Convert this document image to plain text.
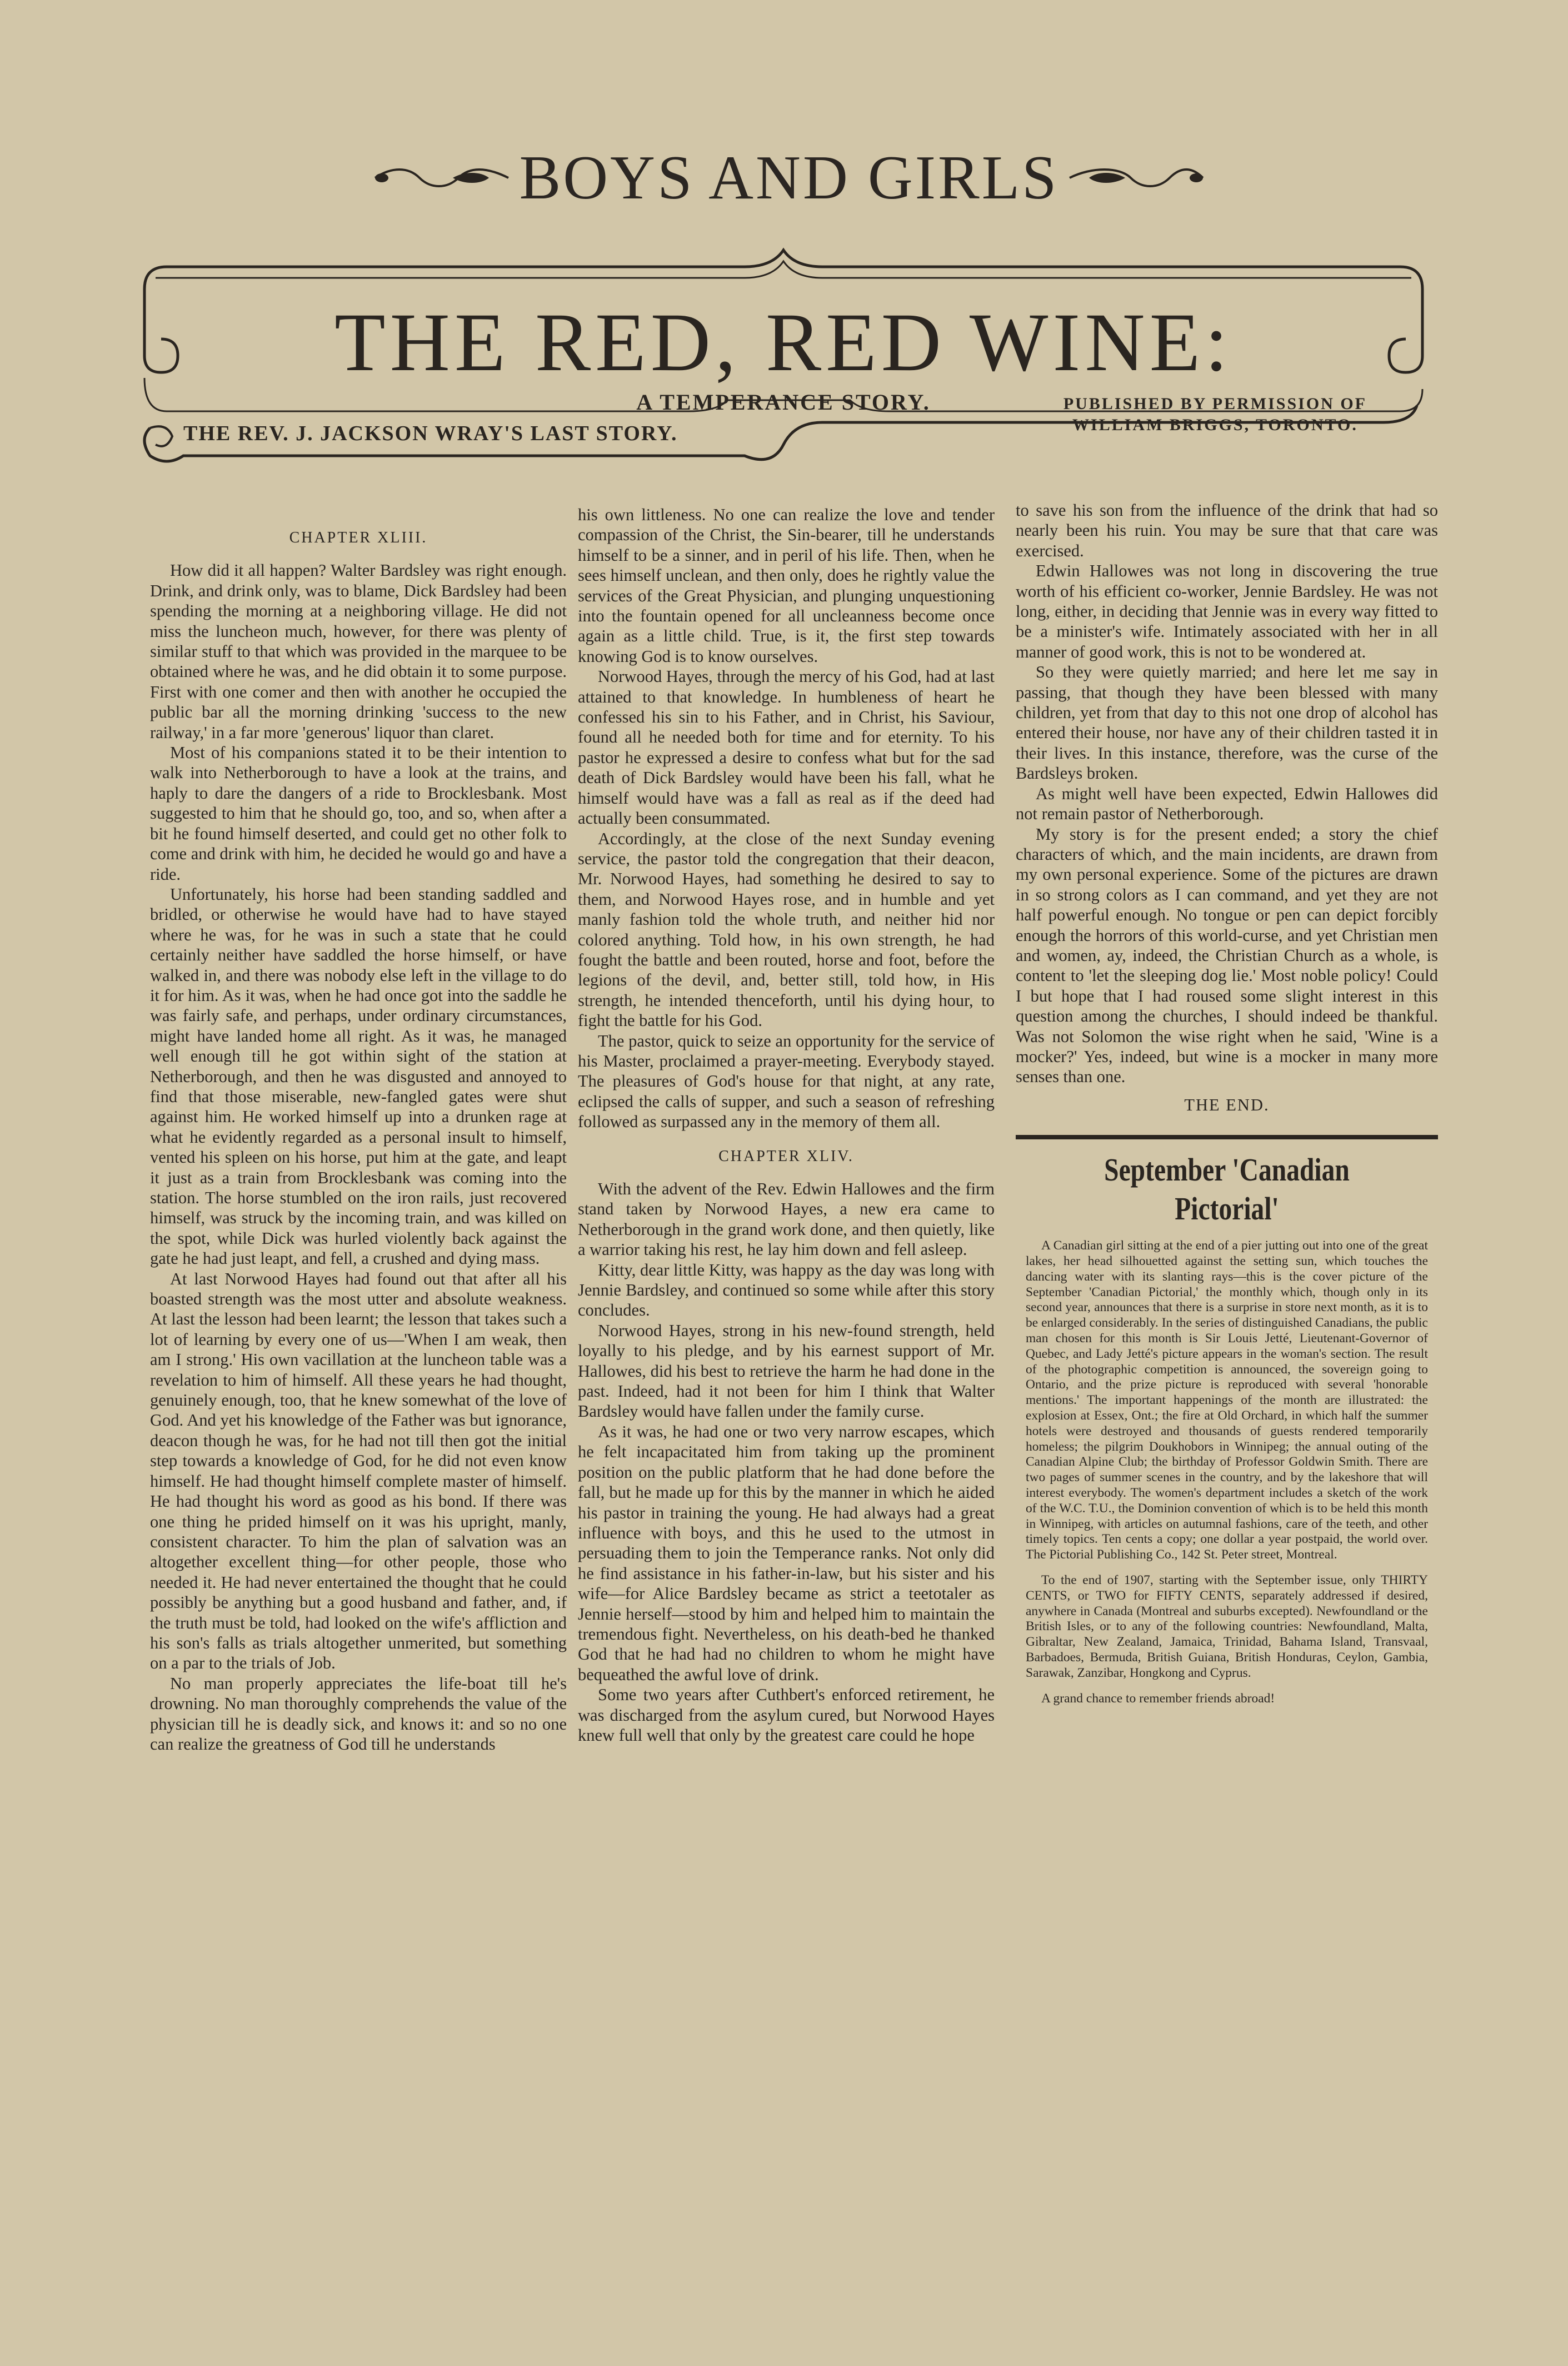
BOYS AND GIRLS
THE RED, RED WINE:
A TEMPERANCE STORY.
THE REV. J. JACKSON WRAY'S LAST STORY.
PUBLISHED BY PERMISSION OF
WILLIAM BRIGGS, TORONTO.

CHAPTER XLIII.

How did it all happen? Walter Bardsley was right enough. Drink, and drink only, was to blame, Dick Bardsley had been spending the morning at a neighboring village. He did not miss the luncheon much, however, for there was plenty of similar stuff to that which was provided in the marquee to be obtained where he was, and he did obtain it to some purpose. First with one comer and then with another he occupied the public bar all the morning drinking 'success to the new railway,' in a far more 'generous' liquor than claret.

Most of his companions stated it to be their intention to walk into Netherborough to have a look at the trains, and haply to dare the dangers of a ride to Brocklesbank. Most suggested to him that he should go, too, and so, when after a bit he found himself deserted, and could get no other folk to come and drink with him, he decided he would go and have a ride.

Unfortunately, his horse had been standing saddled and bridled, or otherwise he would have had to have stayed where he was, for he was in such a state that he could certainly neither have saddled the horse himself, or have walked in, and there was nobody else left in the village to do it for him. As it was, when he had once got into the saddle he was fairly safe, and perhaps, under ordinary circumstances, might have landed home all right. As it was, he managed well enough till he got within sight of the station at Netherborough, and then he was disgusted and annoyed to find that those miserable, new-fangled gates were shut against him. He worked himself up into a drunken rage at what he evidently regarded as a personal insult to himself, vented his spleen on his horse, put him at the gate, and leapt it just as a train from Brocklesbank was coming into the station. The horse stumbled on the iron rails, just recovered himself, was struck by the incoming train, and was killed on the spot, while Dick was hurled violently back against the gate he had just leapt, and fell, a crushed and dying mass.

At last Norwood Hayes had found out that after all his boasted strength was the most utter and absolute weakness. At last the lesson had been learnt; the lesson that takes such a lot of learning by every one of us—'When I am weak, then am I strong.' His own vacillation at the luncheon table was a revelation to him of himself. All these years he had thought, genuinely enough, too, that he knew somewhat of the love of God. And yet his knowledge of the Father was but ignorance, deacon though he was, for he had not till then got the initial step towards a knowledge of God, for he did not even know himself. He had thought himself complete master of himself. He had thought his word as good as his bond. If there was one thing he prided himself on it was his upright, manly, consistent character. To him the plan of salvation was an altogether excellent thing—for other people, those who needed it. He had never entertained the thought that he could possibly be anything but a good husband and father, and, if the truth must be told, had looked on the wife's affliction and his son's falls as trials altogether unmerited, but something on a par to the trials of Job.

No man properly appreciates the life-boat till he's drowning. No man thoroughly comprehends the value of the physician till he is deadly sick, and knows it: and so no one can realize the greatness of God till he understands

his own littleness. No one can realize the love and tender compassion of the Christ, the Sin-bearer, till he understands himself to be a sinner, and in peril of his life. Then, when he sees himself unclean, and then only, does he rightly value the services of the Great Physician, and plunging unquestioning into the fountain opened for all uncleanness become once again as a little child. True, is it, the first step towards knowing God is to know ourselves.

Norwood Hayes, through the mercy of his God, had at last attained to that knowledge. In humbleness of heart he confessed his sin to his Father, and in Christ, his Saviour, found all he needed both for time and for eternity. To his pastor he expressed a desire to confess what but for the sad death of Dick Bardsley would have been his fall, what he himself would have was a fall as real as if the deed had actually been consummated.

Accordingly, at the close of the next Sunday evening service, the pastor told the congregation that their deacon, Mr. Norwood Hayes, had something he desired to say to them, and Norwood Hayes rose, and in humble and yet manly fashion told the whole truth, and neither hid nor colored anything. Told how, in his own strength, he had fought the battle and been routed, horse and foot, before the legions of the devil, and, better still, told how, in His strength, he intended thenceforth, until his dying hour, to fight the battle for his God.

The pastor, quick to seize an opportunity for the service of his Master, proclaimed a prayer-meeting. Everybody stayed. The pleasures of God's house for that night, at any rate, eclipsed the calls of supper, and such a season of refreshing followed as surpassed any in the memory of them all.

CHAPTER XLIV.

With the advent of the Rev. Edwin Hallowes and the firm stand taken by Norwood Hayes, a new era came to Netherborough in the grand work done, and then quietly, like a warrior taking his rest, he lay him down and fell asleep.

Kitty, dear little Kitty, was happy as the day was long with Jennie Bardsley, and continued so some while after this story concludes.

Norwood Hayes, strong in his new-found strength, held loyally to his pledge, and by his earnest support of Mr. Hallowes, did his best to retrieve the harm he had done in the past. Indeed, had it not been for him I think that Walter Bardsley would have fallen under the family curse.

As it was, he had one or two very narrow escapes, which he felt incapacitated him from taking up the prominent position on the public platform that he had done before the fall, but he made up for this by the manner in which he aided his pastor in training the young. He had always had a great influence with boys, and this he used to the utmost in persuading them to join the Temperance ranks. Not only did he find assistance in his father-in-law, but his sister and his wife—for Alice Bardsley became as strict a teetotaler as Jennie herself—stood by him and helped him to maintain the tremendous fight. Nevertheless, on his death-bed he thanked God that he had had no children to whom he might have bequeathed the awful love of drink.

Some two years after Cuthbert's enforced retirement, he was discharged from the asylum cured, but Norwood Hayes knew full well that only by the greatest care could he hope

to save his son from the influence of the drink that had so nearly been his ruin. You may be sure that that care was exercised.

Edwin Hallowes was not long in discovering the true worth of his efficient co-worker, Jennie Bardsley. He was not long, either, in deciding that Jennie was in every way fitted to be a minister's wife. Intimately associated with her in all manner of good work, this is not to be wondered at.

So they were quietly married; and here let me say in passing, that though they have been blessed with many children, yet from that day to this not one drop of alcohol has entered their house, nor have any of their children tasted it in their lives. In this instance, therefore, was the curse of the Bardsleys broken.

As might well have been expected, Edwin Hallowes did not remain pastor of Netherborough.

My story is for the present ended; a story the chief characters of which, and the main incidents, are drawn from my own personal experience. Some of the pictures are drawn in so strong colors as I can command, and yet they are not half powerful enough. No tongue or pen can depict forcibly enough the horrors of this world-curse, and yet Christian men and women, ay, indeed, the Christian Church as a whole, is content to 'let the sleeping dog lie.' Most noble policy! Could I but hope that I had roused some slight interest in this question among the churches, I should indeed be thankful. Was not Solomon the wise right when he said, 'Wine is a mocker?' Yes, indeed, but wine is a mocker in many more senses than one.

THE END.

September 'Canadian Pictorial'

A Canadian girl sitting at the end of a pier jutting out into one of the great lakes, her head silhouetted against the setting sun, which touches the dancing water with its slanting rays—this is the cover picture of the September 'Canadian Pictorial,' the monthly which, though only in its second year, announces that there is a surprise in store next month, as it is to be enlarged considerably. In the series of distinguished Canadians, the public man chosen for this month is Sir Louis Jetté, Lieutenant-Governor of Quebec, and Lady Jetté's picture appears in the woman's section. The result of the photographic competition is announced, the sovereign going to Ontario, and the prize picture is reproduced with several 'honorable mentions.' The important happenings of the month are illustrated: the explosion at Essex, Ont.; the fire at Old Orchard, in which half the summer hotels were destroyed and thousands of guests rendered temporarily homeless; the pilgrim Doukhobors in Winnipeg; the annual outing of the Canadian Alpine Club; the birthday of Professor Goldwin Smith. There are two pages of summer scenes in the country, and by the lakeshore that will interest everybody. The women's department includes a sketch of the work of the W.C. T.U., the Dominion convention of which is to be held this month in Winnipeg, with articles on autumnal fashions, care of the teeth, and other timely topics. Ten cents a copy; one dollar a year postpaid, the world over. The Pictorial Publishing Co., 142 St. Peter street, Montreal.

To the end of 1907, starting with the September issue, only THIRTY CENTS, or TWO for FIFTY CENTS, separately addressed if desired, anywhere in Canada (Montreal and suburbs excepted). Newfoundland or the British Isles, or to any of the following countries: Newfoundland, Malta, Gibraltar, New Zealand, Jamaica, Trinidad, Bahama Island, Transvaal, Barbadoes, Bermuda, British Guiana, British Honduras, Ceylon, Gambia, Sarawak, Zanzibar, Hongkong and Cyprus.

A grand chance to remember friends abroad!
